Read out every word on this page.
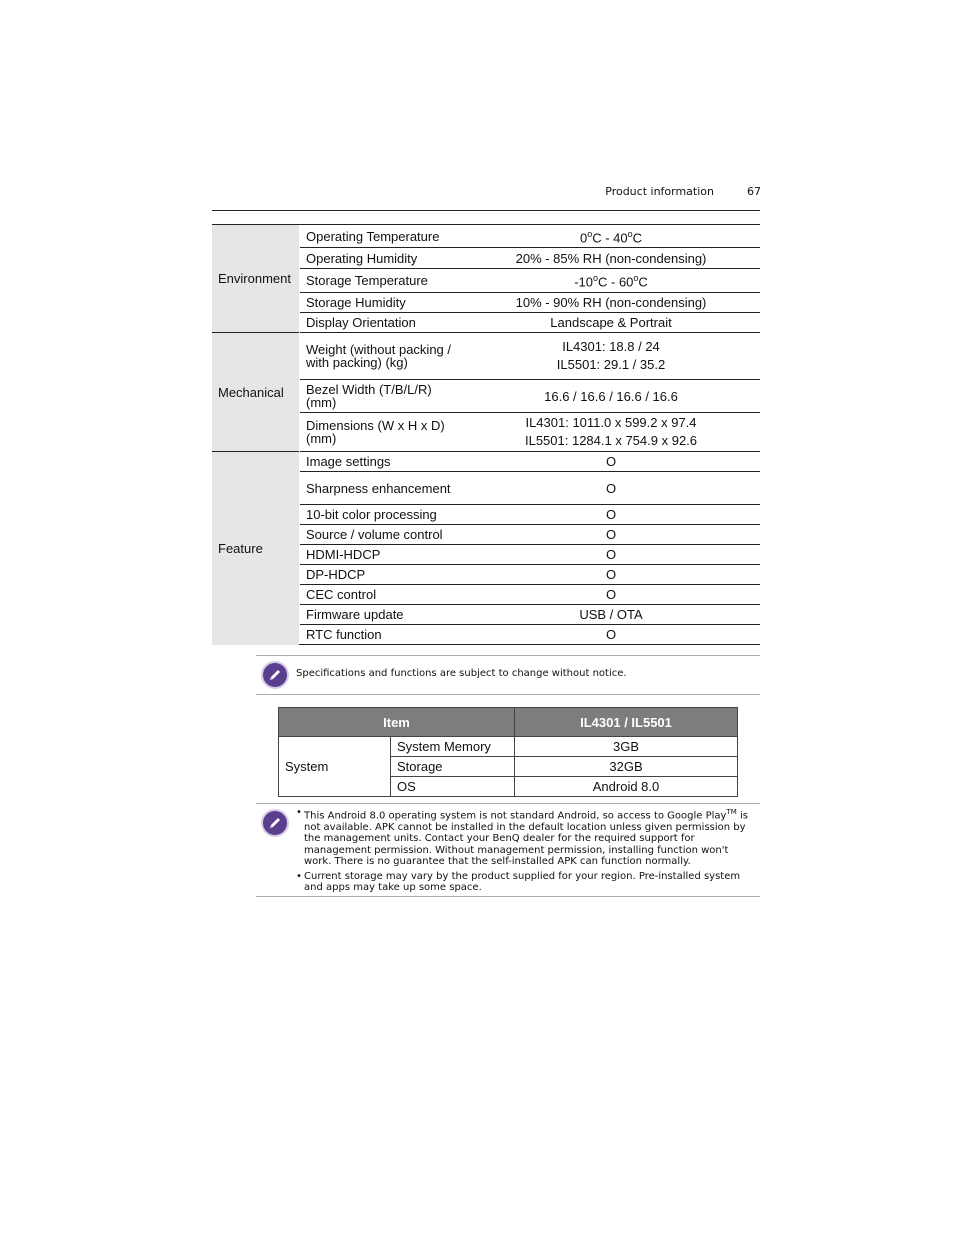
Product information	67
Environment	Operating Temperature	0$^o$C - 40$^o$C
	Operating Humidity	20% - 85% RH (non-condensing)
	Storage Temperature	-10$^o$C - 60$^o$C
	Storage Humidity	10% - 90% RH (non-condensing)
	Display Orientation	Landscape & Portrait
Mechanical	Weight (without packing / with packing) (kg)	IL4301: 18.8 / 24
IL5501: 29.1 / 35.2

	Bezel Width (T/B/L/R) (mm)	16.6 / 16.6 / 16.6 / 16.6
	Dimensions (W x H x D) (mm)	IL4301: 1011.0 x 599.2 x 97.4
IL5501: 1284.1 x 754.9 x 92.6

Feature	Image settings	O
	Sharpness enhancement	O
	10-bit color processing	O
	Source / volume control	O
	HDMI-HDCP	O
	DP-HDCP	O
	CEC control	O
	Firmware update	USB / OTA
	RTC function	O
Specifications and functions are subject to change without notice.
Item		IL4301 / IL5501
System	System Memory	3GB
	Storage	32GB
	OS	Android 8.0
• This Android 8.0 operating system is not standard Android, so access to Google Play™ is not available. APK cannot be installed in the default location unless given permission by the management units. Contact your BenQ dealer for the required support for management permission. Without management permission, installing function won't work. There is no guarantee that the self-installed APK can function normally.
• Current storage may vary by the product supplied for your region. Pre-installed system and apps may take up some space.
